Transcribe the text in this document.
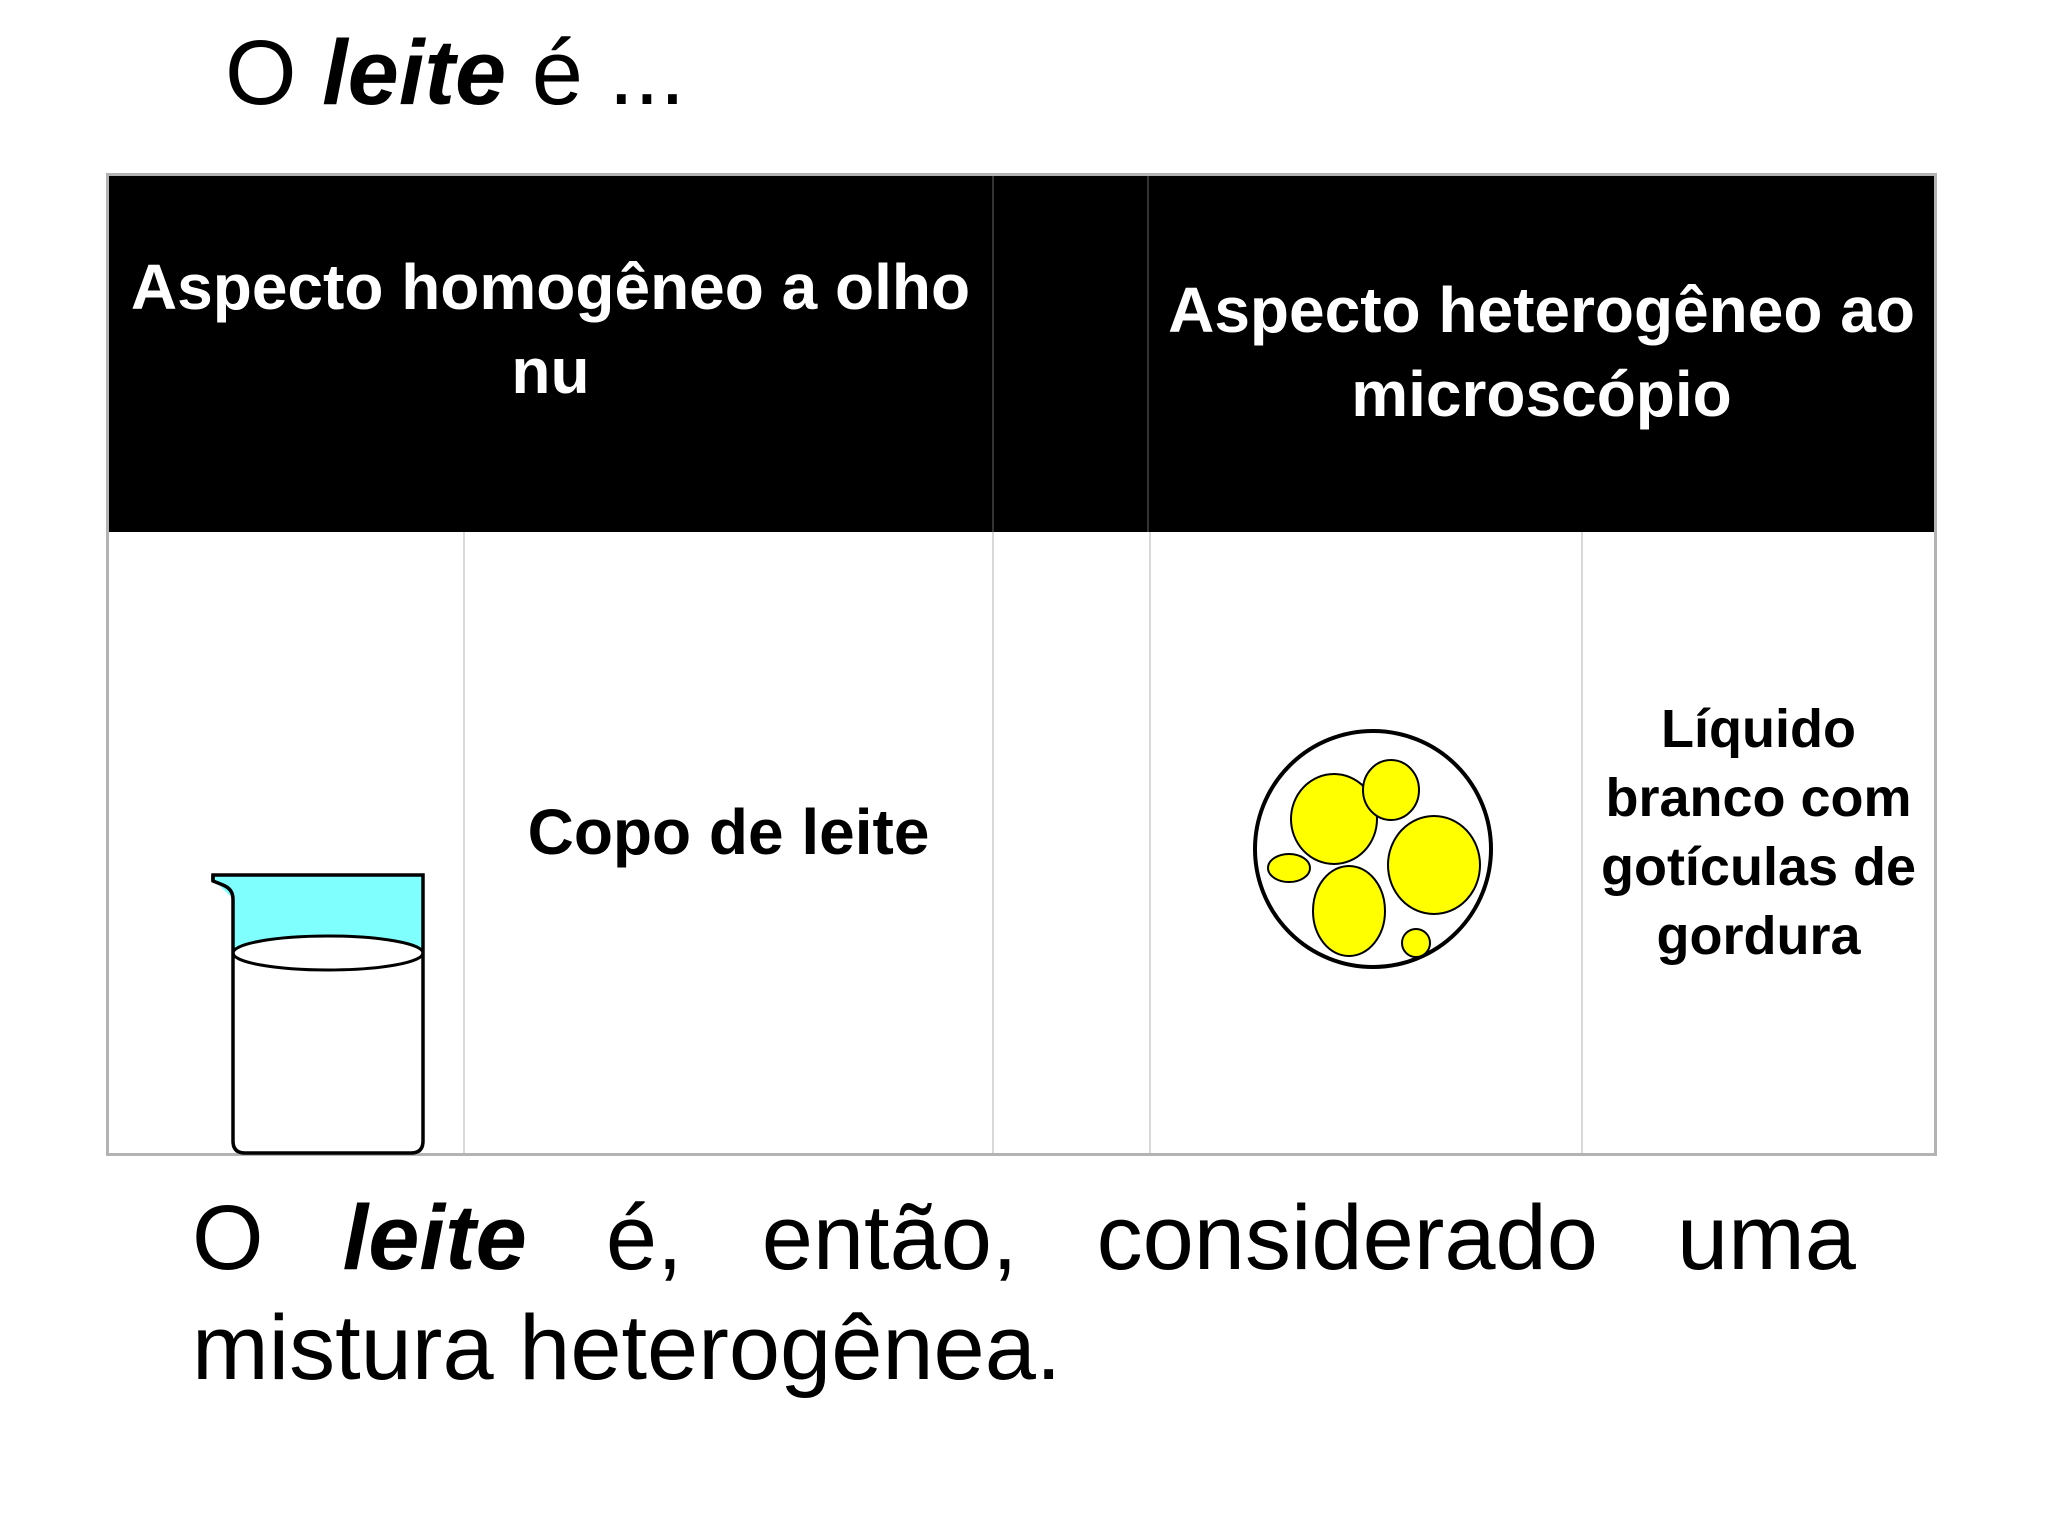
O leite é ...
Aspecto homogêneo a olho nu
Aspecto heterogêneo ao microscópio
Copo de leite
Líquido branco com gotículas de gordura
O leite é, então, considerado uma
mistura heterogênea.
